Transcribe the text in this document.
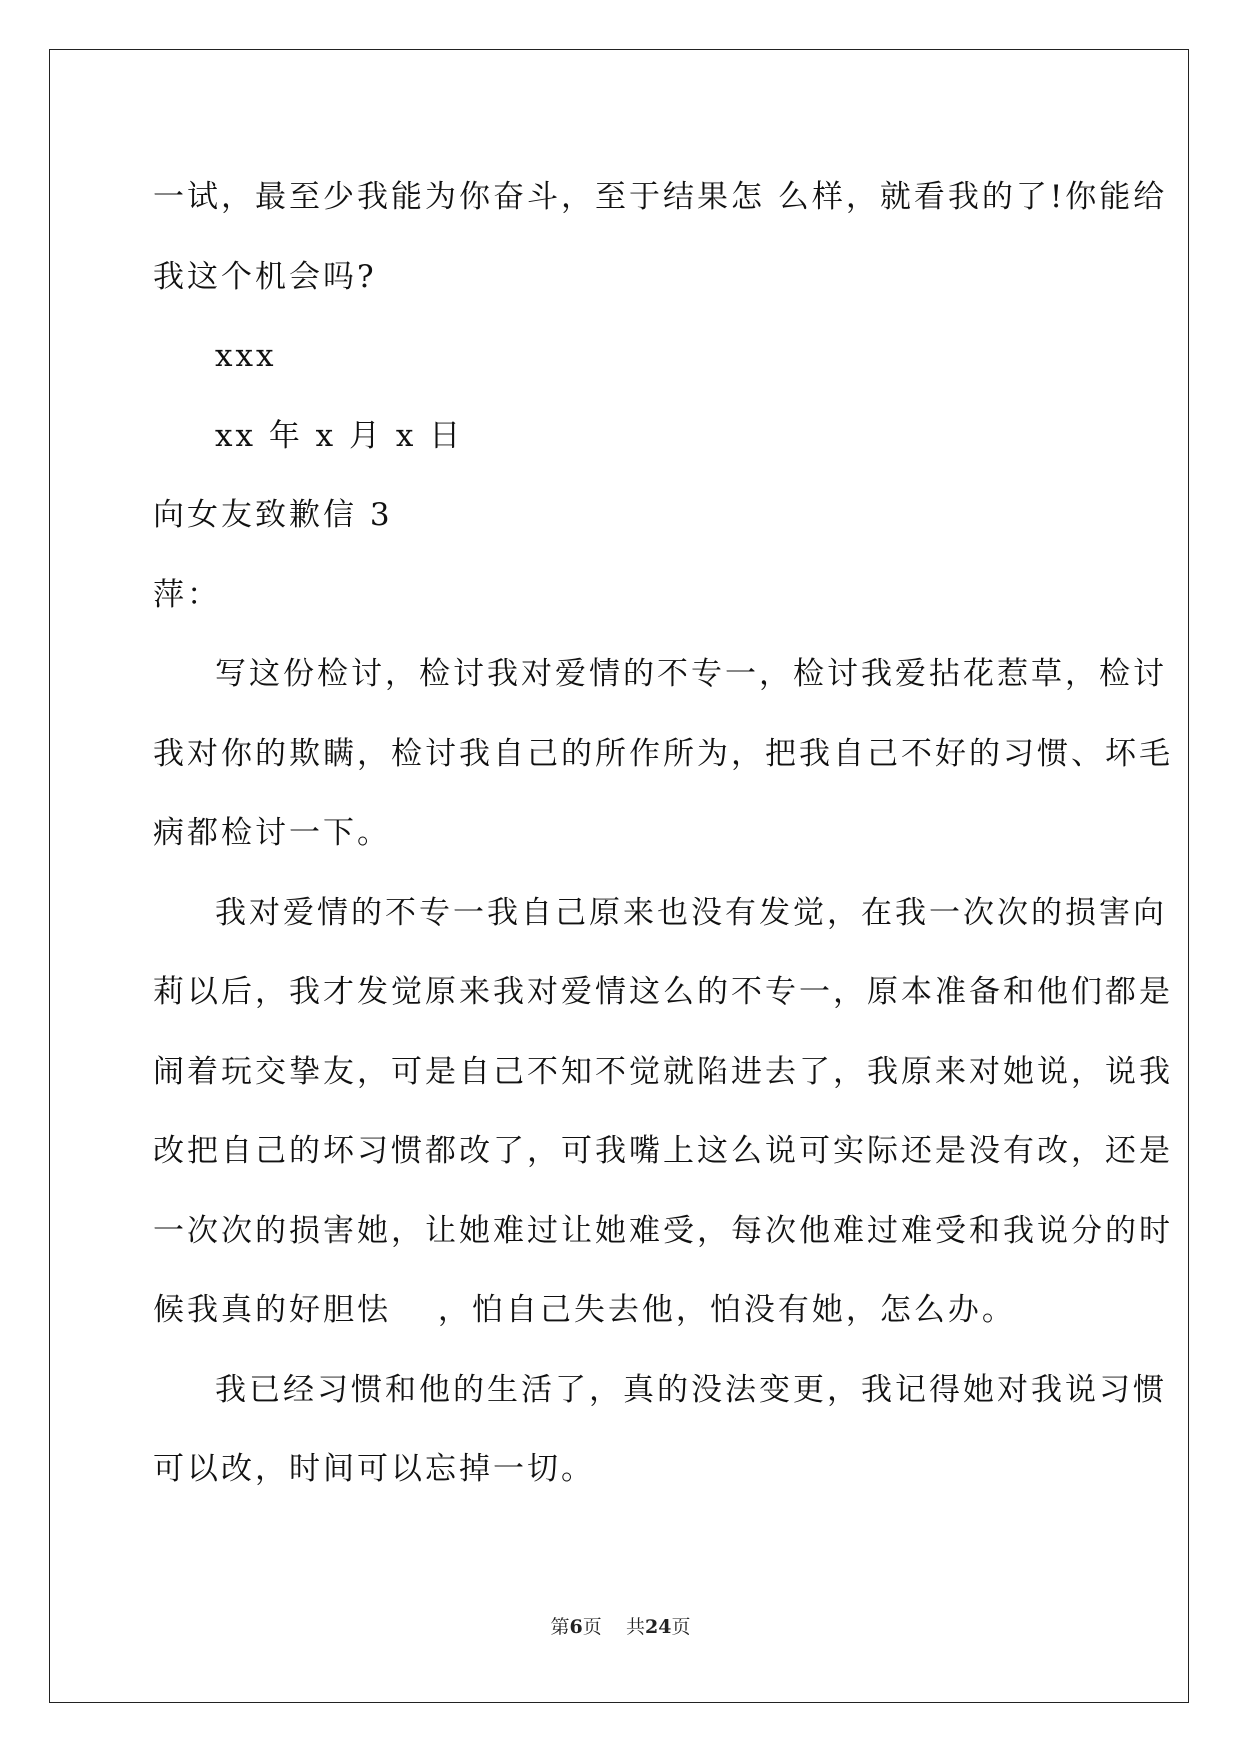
一试，最至少我能为你奋斗，至于结果怎 么样，就看我的了!你能给
我这个机会吗?
xxx
xx 年 x 月 x 日
向女友致歉信 3
萍：
写这份检讨，检讨我对爱情的不专一，检讨我爱拈花惹草，检讨
我对你的欺瞒，检讨我自己的所作所为，把我自己不好的习惯、坏毛
病都检讨一下。
我对爱情的不专一我自己原来也没有发觉，在我一次次的损害向
莉以后，我才发觉原来我对爱情这么的不专一，原本准备和他们都是
闹着玩交挚友，可是自己不知不觉就陷进去了，我原来对她说，说我
改把自己的坏习惯都改了，可我嘴上这么说可实际还是没有改，还是
一次次的损害她，让她难过让她难受，每次他难过难受和我说分的时
候我真的好胆怯　 ，怕自己失去他，怕没有她，怎么办。
我已经习惯和他的生活了，真的没法变更，我记得她对我说习惯
可以改，时间可以忘掉一切。
第6页 共24页
